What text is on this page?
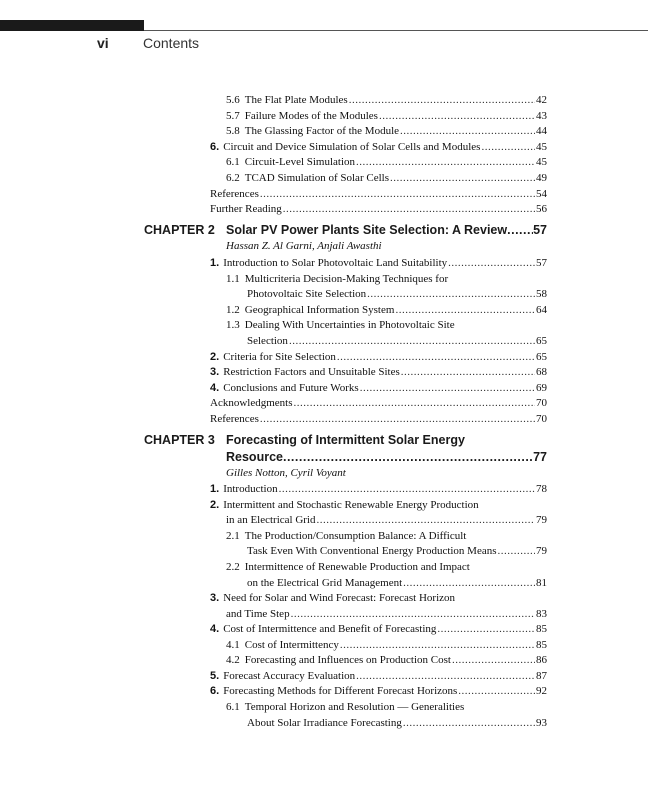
vi Contents
5.6 The Flat Plate Modules .....	42
5.7 Failure Modes of the Modules .....	43
5.8 The Glassing Factor of the Module .....	44
6. Circuit and Device Simulation of Solar Cells and Modules .....	45
6.1 Circuit-Level Simulation .....	45
6.2 TCAD Simulation of Solar Cells .....	49
References .....	54
Further Reading .....	56
CHAPTER 2 Solar PV Power Plants Site Selection: A Review ..... 57
Hassan Z. Al Garni, Anjali Awasthi
1. Introduction to Solar Photovoltaic Land Suitability .....	57
1.1 Multicriteria Decision-Making Techniques for
Photovoltaic Site Selection .....	58
1.2 Geographical Information System .....	64
1.3 Dealing With Uncertainties in Photovoltaic Site
Selection .....	65
2. Criteria for Site Selection .....	65
3. Restriction Factors and Unsuitable Sites .....	68
4. Conclusions and Future Works .....	69
Acknowledgments .....	70
References .....	70
CHAPTER 3 Forecasting of Intermittent Solar Energy
Resource .....	77
Gilles Notton, Cyril Voyant
1. Introduction .....	78
2. Intermittent and Stochastic Renewable Energy Production
in an Electrical Grid .....	79
2.1 The Production/Consumption Balance: A Difficult
Task Even With Conventional Energy Production Means .....	79
2.2 Intermittence of Renewable Production and Impact
on the Electrical Grid Management .....	81
3. Need for Solar and Wind Forecast: Forecast Horizon
and Time Step .....	83
4. Cost of Intermittence and Benefit of Forecasting .....	85
4.1 Cost of Intermittency .....	85
4.2 Forecasting and Influences on Production Cost .....	86
5. Forecast Accuracy Evaluation .....	87
6. Forecasting Methods for Different Forecast Horizons .....	92
6.1 Temporal Horizon and Resolution — Generalities
About Solar Irradiance Forecasting .....	93
